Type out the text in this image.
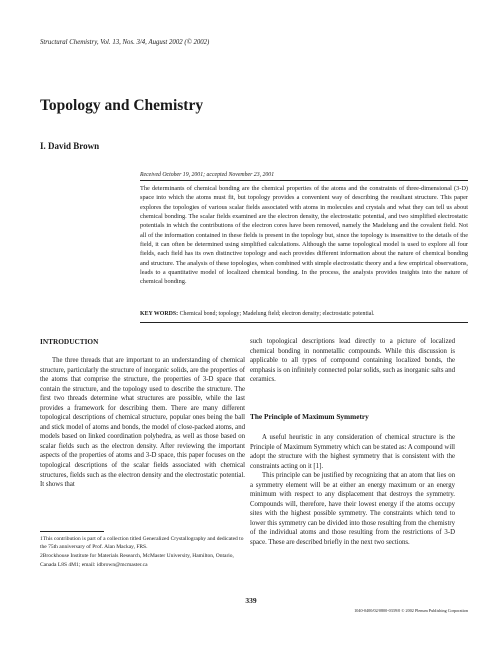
Structural Chemistry, Vol. 13, Nos. 3/4, August 2002 (© 2002)
Topology and Chemistry
I. David Brown
Received October 19, 2001; accepted November 23, 2001

The determinants of chemical bonding are the chemical properties of the atoms and the constraints of three-dimensional (3-D) space into which the atoms must fit, but topology provides a convenient way of describing the resultant structure. This paper explores the topologies of various scalar fields associated with atoms in molecules and crystals and what they can tell us about chemical bonding. The scalar fields examined are the electron density, the electrostatic potential, and two simplified electrostatic potentials in which the contributions of the electron cores have been removed, namely the Madelung and the covalent field. Not all of the information contained in these fields is present in the topology but, since the topology is insensitive to the details of the field, it can often be determined using simplified calculations. Although the same topological model is used to explore all four fields, each field has its own distinctive topology and each provides different information about the nature of chemical bonding and structure. The analysis of these topologies, when combined with simple electrostatic theory and a few empirical observations, leads to a quantitative model of localized chemical bonding. In the process, the analysis provides insights into the nature of chemical bonding.

KEY WORDS: Chemical bond; topology; Madelung field; electron density; electrostatic potential.
INTRODUCTION

The three threads that are important to an understanding of chemical structure, particularly the structure of inorganic solids, are the properties of the atoms that comprise the structure, the properties of 3-D space that contain the structure, and the topology used to describe the structure. The first two threads determine what structures are possible, while the last provides a framework for describing them. There are many different topological descriptions of chemical structure, popular ones being the ball and stick model of atoms and bonds, the model of close-packed atoms, and models based on linked coordination polyhedra, as well as those based on scalar fields such as the electron density. After reviewing the important aspects of the properties of atoms and 3-D space, this paper focuses on the topological descriptions of the scalar fields associated with chemical structures, fields such as the electron density and the electrostatic potential. It shows that

such topological descriptions lead directly to a picture of localized chemical bonding in nonmetallic compounds. While this discussion is applicable to all types of compound containing localized bonds, the emphasis is on infinitely connected polar solids, such as inorganic salts and ceramics.

The Principle of Maximum Symmetry

A useful heuristic in any consideration of chemical structure is the Principle of Maximum Symmetry which can be stated as: A compound will adopt the structure with the highest symmetry that is consistent with the constraints acting on it [1].

This principle can be justified by recognizing that an atom that lies on a symmetry element will be at either an energy maximum or an energy minimum with respect to any displacement that destroys the symmetry. Compounds will, therefore, have their lowest energy if the atoms occupy sites with the highest possible symmetry. The constraints which tend to lower this symmetry can be divided into those resulting from the chemistry of the individual atoms and those resulting from the restrictions of 3-D space. These are described briefly in the next two sections.

1This contribution is part of a collection titled Generalized Crystallography and dedicated to the 75th anniversary of Prof. Alan Mackay, FRS.

2Brockhouse Institute for Materials Research, McMaster University, Hamilton, Ontario, Canada L8S 4M1; email: idbrown@mcmaster.ca

339
1040-0400/02/0800-0339/0 © 2002 Plenum Publishing Corporation
